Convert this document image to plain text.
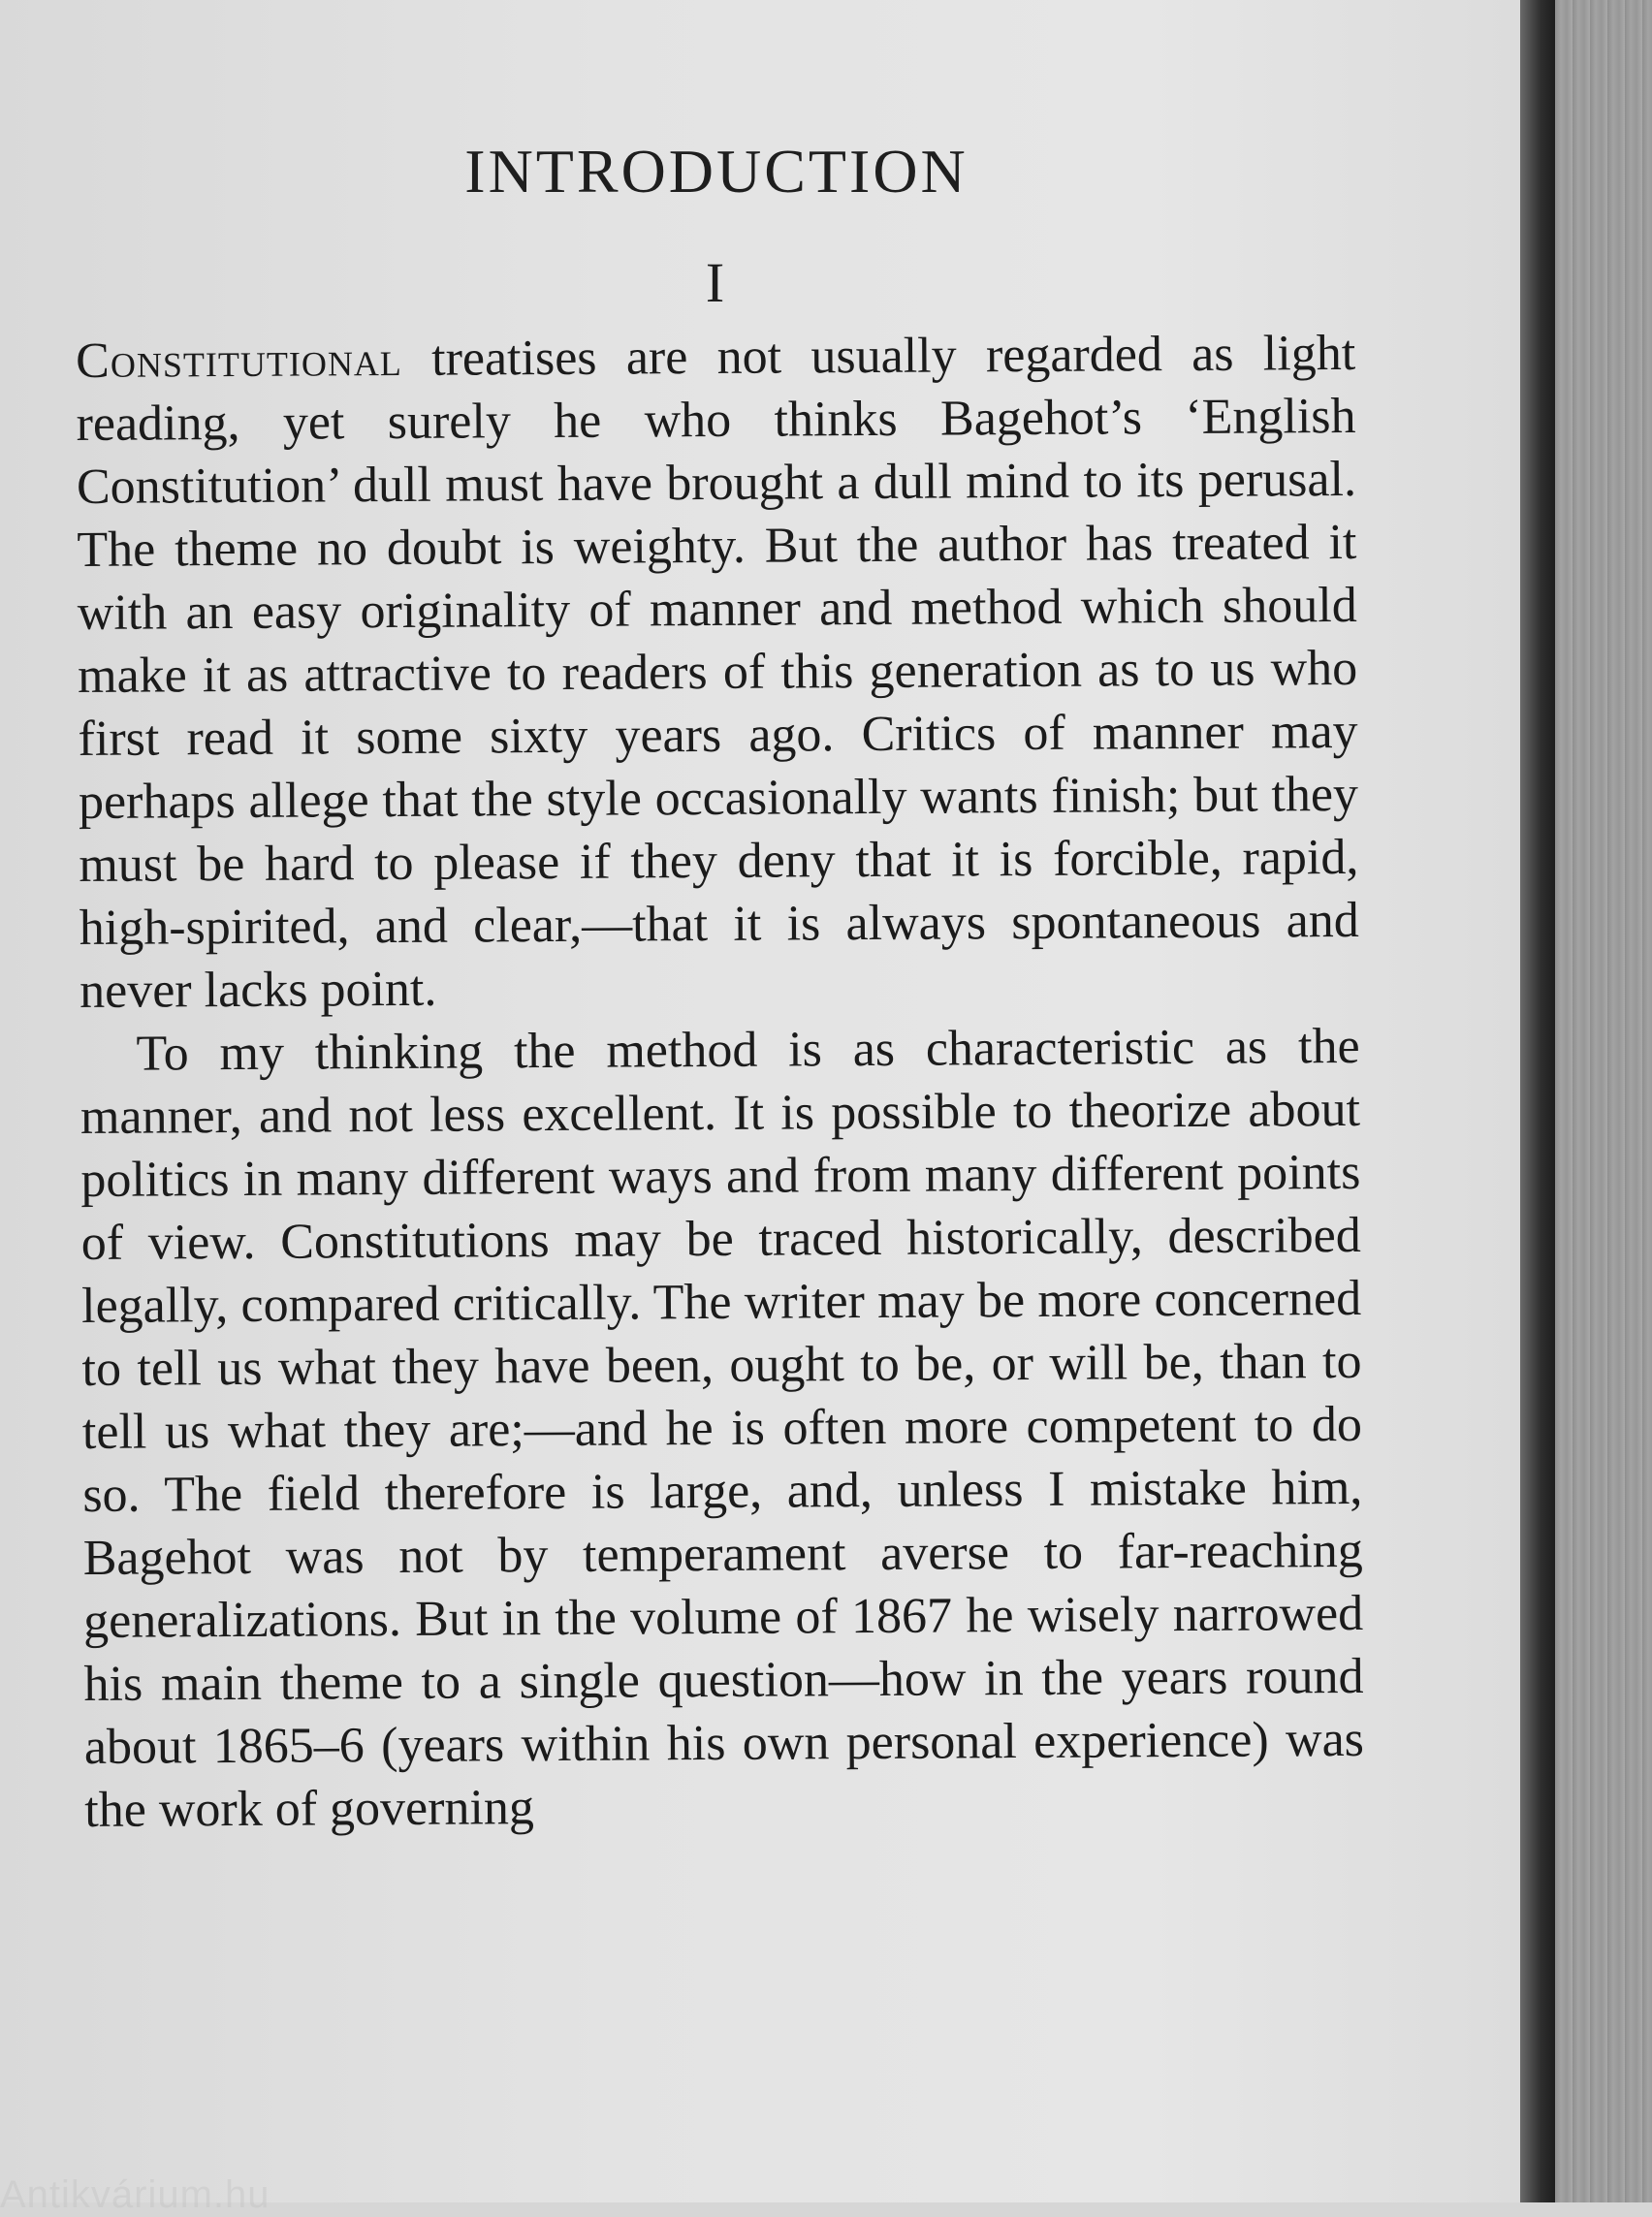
INTRODUCTION
I

Constitutional treatises are not usually regarded as light reading, yet surely he who thinks Bagehot’s ‘English Constitution’ dull must have brought a dull mind to its perusal. The theme no doubt is weighty. But the author has treated it with an easy originality of manner and method which should make it as attractive to readers of this generation as to us who first read it some sixty years ago. Critics of manner may perhaps allege that the style occasionally wants finish; but they must be hard to please if they deny that it is forcible, rapid, high-spirited, and clear,—that it is always spontaneous and never lacks point.

To my thinking the method is as characteristic as the manner, and not less excellent. It is possible to theorize about politics in many different ways and from many different points of view. Constitutions may be traced historically, described legally, compared critically. The writer may be more concerned to tell us what they have been, ought to be, or will be, than to tell us what they are;—and he is often more competent to do so. The field therefore is large, and, unless I mistake him, Bagehot was not by temperament averse to far-reaching generalizations. But in the volume of 1867 he wisely narrowed his main theme to a single question—how in the years round about 1865–6 (years within his own personal experience) was the work of governing

Antikvárium.hu
